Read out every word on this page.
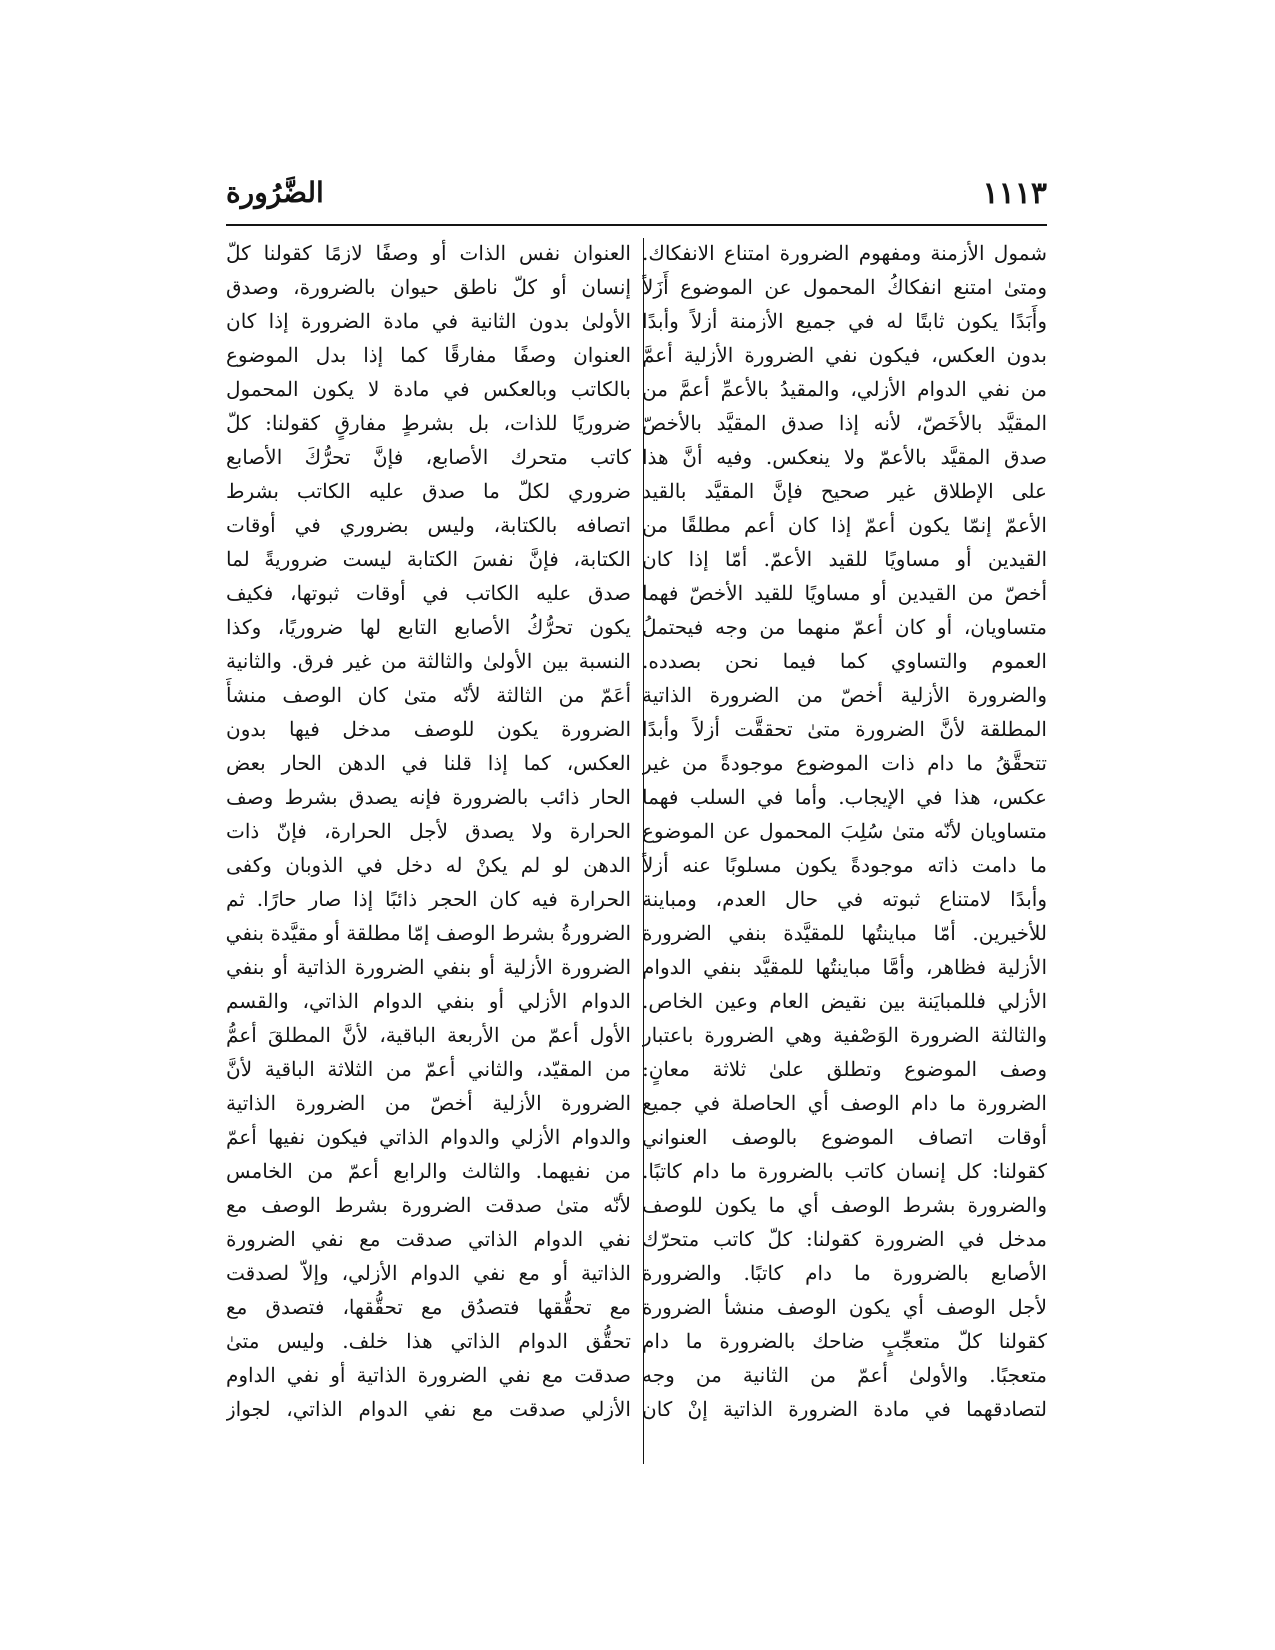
١١١٣
الضَّرُورة
شمول الأزمنة ومفهوم الضرورة امتناع الانفكاك.
ومتىٰ امتنع انفكاكُ المحمول عن الموضوع أَزَلاً
وأَبَدًا يكون ثابتًا له في جميع الأزمنة أزلاً وأبدًا
بدون العكس، فيكون نفي الضرورة الأزلية أعمَّ
من نفي الدوام الأزلي، والمقيدُ بالأعمِّ أعمَّ من
المقيَّد بالأخَصّ، لأنه إذا صدق المقيَّد بالأخصّ
صدق المقيَّد بالأعمّ ولا ينعكس. وفيه أنَّ هذا
على الإطلاق غير صحيح فإنَّ المقيَّد بالقيد
الأعمّ إنمّا يكون أعمّ إذا كان أعم مطلقًا من
القيدين أو مساويًا للقيد الأعمّ. أمّا إذا كان
أخصّ من القيدين أو مساويًا للقيد الأخصّ فهما
متساويان، أو كان أعمّ منهما من وجه فيحتملُ
العموم والتساوي كما فيما نحن بصدده.
والضرورة الأزلية أخصّ من الضرورة الذاتية
المطلقة لأنَّ الضرورة متىٰ تحققَّت أزلاً وأبدًا
تتحقَّقُ ما دام ذات الموضوع موجودةً من غير
عكس، هذا في الإيجاب. وأما في السلب فهما
متساويان لأنّه متىٰ سُلِبَ المحمول عن الموضوع
ما دامت ذاته موجودةً يكون مسلوبًا عنه أزلاً
وأبدًا لامتناع ثبوته في حال العدم، ومباينة
للأخيرين. أمّا مباينتُها للمقيَّدة بنفي الضرورة
الأزلية فظاهر، وأمَّا مباينتُها للمقيَّد بنفي الدوام
الأزلي فللمبايَنة بين نقيض العام وعين الخاص.
والثالثة الضرورة الوَصْفية وهي الضرورة باعتبار
وصف الموضوع وتطلق علىٰ ثلاثة معانٍ:
الضرورة ما دام الوصف أي الحاصلة في جميع
أوقات اتصاف الموضوع بالوصف العنواني
كقولنا: كل إنسان كاتب بالضرورة ما دام كاتبًا.
والضرورة بشرط الوصف أي ما يكون للوصف
مدخل في الضرورة كقولنا: كلّ كاتب متحرّك
الأصابع بالضرورة ما دام كاتبًا. والضرورة
لأجل الوصف أي يكون الوصف منشأ الضرورة
كقولنا كلّ متعجِّبٍ ضاحك بالضرورة ما دام
متعجبًا. والأولىٰ أعمّ من الثانية من وجه
لتصادقهما في مادة الضرورة الذاتية إنْ كان
العنوان نفس الذات أو وصفًا لازمًا كقولنا كلّ
إنسان أو كلّ ناطق حيوان بالضرورة، وصدق
الأولىٰ بدون الثانية في مادة الضرورة إذا كان
العنوان وصفًا مفارقًا كما إذا بدل الموضوع
بالكاتب وبالعكس في مادة لا يكون المحمول
ضروريًا للذات، بل بشرطٍ مفارقٍ كقولنا: كلّ
كاتب متحرك الأصابع، فإنَّ تحرُّكَ الأصابع
ضروري لكلّ ما صدق عليه الكاتب بشرط
اتصافه بالكتابة، وليس بضروري في أوقات
الكتابة، فإنَّ نفسَ الكتابة ليست ضروريةً لما
صدق عليه الكاتب في أوقات ثبوتها، فكيف
يكون تحرُّكُ الأصابع التابع لها ضروريًا، وكذا
النسبة بين الأولىٰ والثالثة من غير فرق. والثانية
أعَمّ من الثالثة لأنّه متىٰ كان الوصف منشأً
الضرورة يكون للوصف مدخل فيها بدون
العكس، كما إذا قلنا في الدهن الحار بعض
الحار ذائب بالضرورة فإنه يصدق بشرط وصف
الحرارة ولا يصدق لأجل الحرارة، فإنّ ذات
الدهن لو لم يكنْ له دخل في الذوبان وكفى
الحرارة فيه كان الحجر ذائبًا إذا صار حارًا. ثم
الضرورةُ بشرط الوصف إمّا مطلقة أو مقيَّدة بنفي
الضرورة الأزلية أو بنفي الضرورة الذاتية أو بنفي
الدوام الأزلي أو بنفي الدوام الذاتي، والقسم
الأول أعمّ من الأربعة الباقية، لأنَّ المطلقَ أعمُّ
من المقيّد، والثاني أعمّ من الثلاثة الباقية لأنَّ
الضرورة الأزلية أخصّ من الضرورة الذاتية
والدوام الأزلي والدوام الذاتي فيكون نفيها أعمّ
من نفيهما. والثالث والرابع أعمّ من الخامس
لأنّه متىٰ صدقت الضرورة بشرط الوصف مع
نفي الدوام الذاتي صدقت مع نفي الضرورة
الذاتية أو مع نفي الدوام الأزلي، وإلاّ لصدقت
مع تحقُّقها فتصدُق مع تحقُّقها، فتصدق مع
تحقُّق الدوام الذاتي هذا خلف. وليس متىٰ
صدقت مع نفي الضرورة الذاتية أو نفي الداوم
الأزلي صدقت مع نفي الدوام الذاتي، لجواز
